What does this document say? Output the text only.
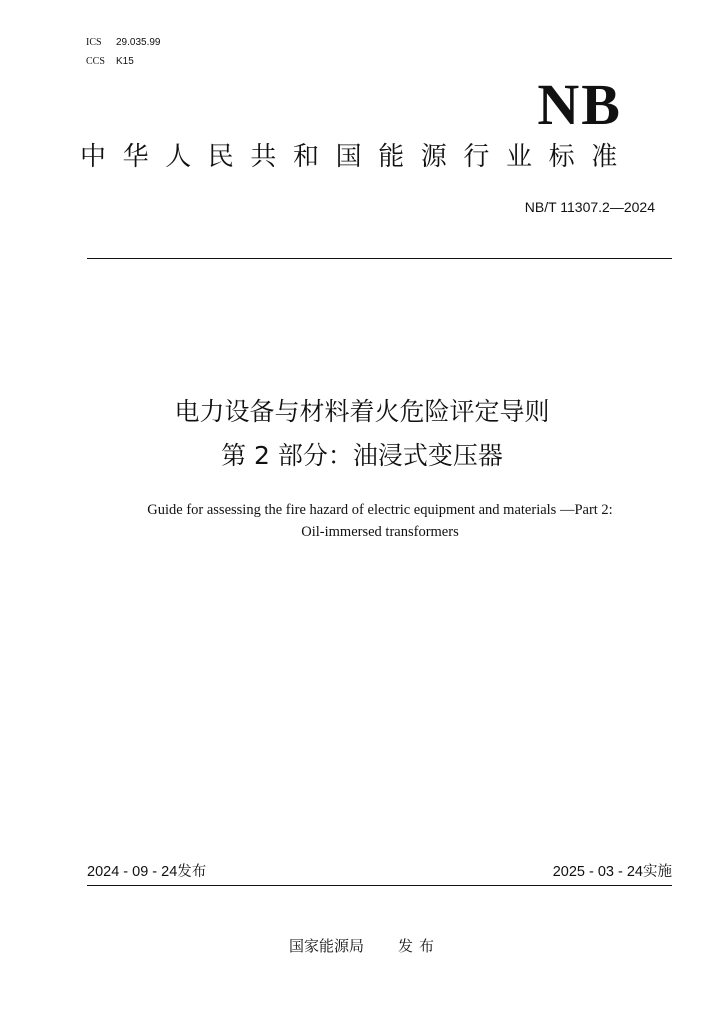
ICS 29.035.99
CCS K15
NB
中华人民共和国能源行业标准
NB/T 11307.2—2024
电力设备与材料着火危险评定导则
第 2 部分：油浸式变压器
Guide for assessing the fire hazard of electric equipment and materials —Part 2:
Oil-immersed transformers
2024 - 09 - 24发布	2025 - 03 - 24实施
国家能源局 发布
